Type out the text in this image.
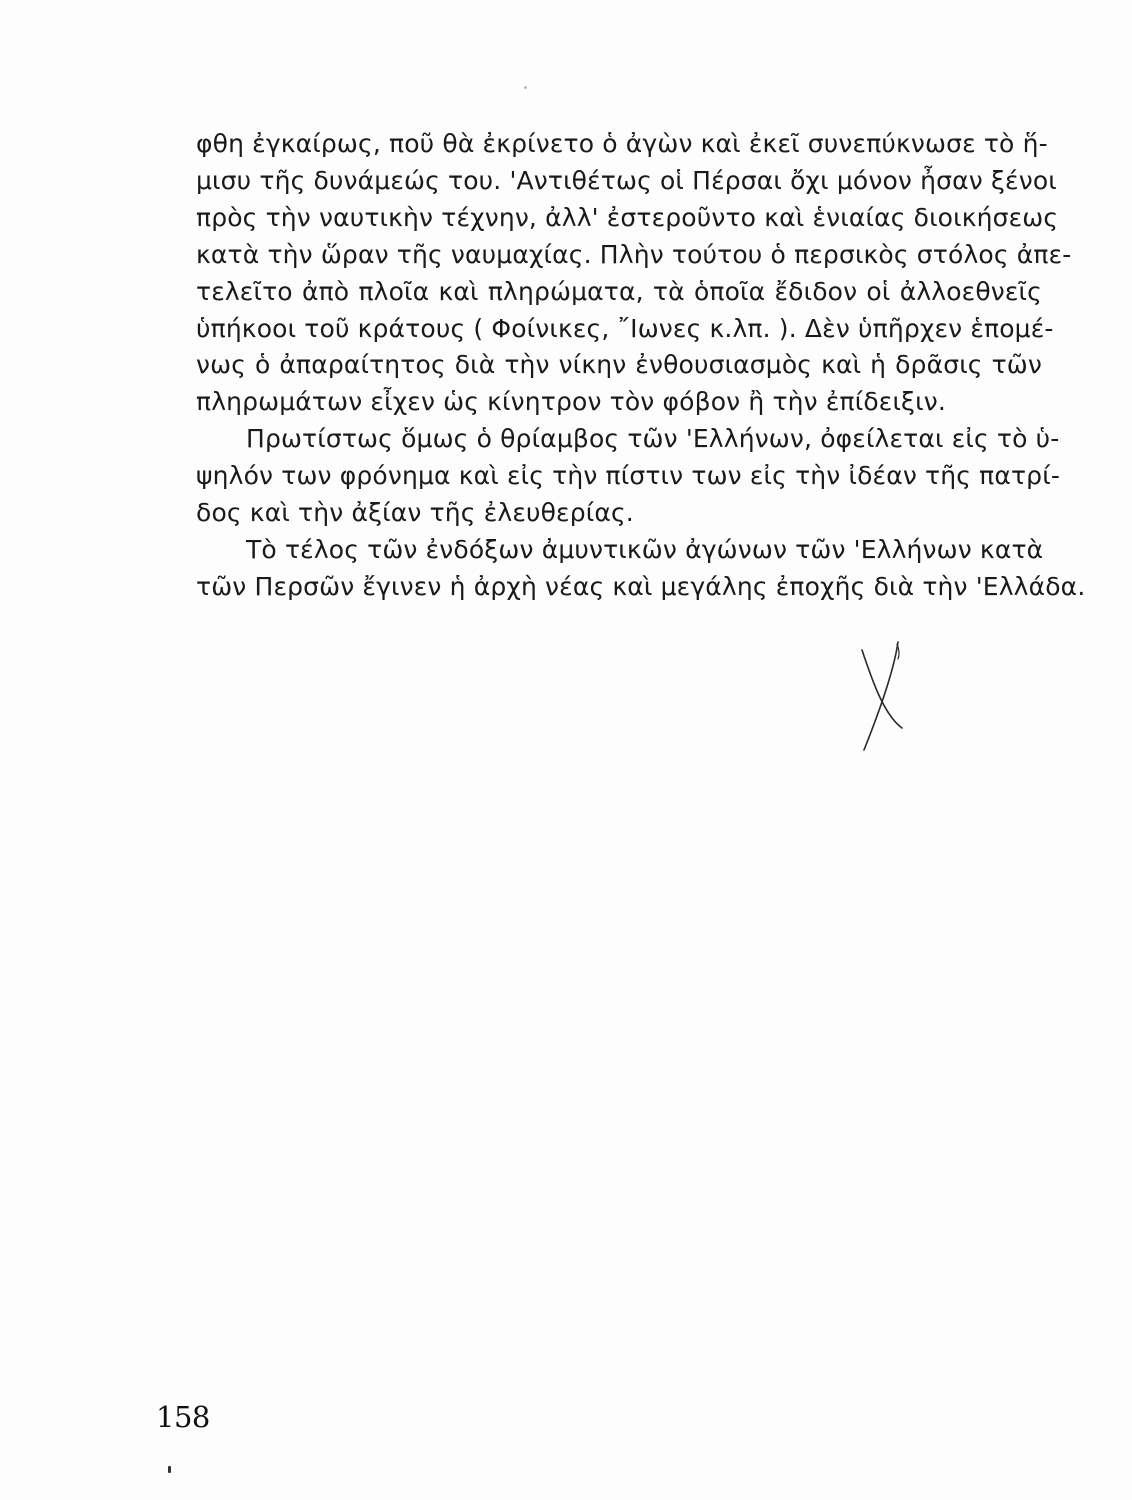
φθη ἐγκαίρως, ποῦ θὰ ἐκρίνετο ὁ ἀγὼν καὶ ἐκεῖ συνεπύκνωσε τὸ ἥ-
μισυ τῆς δυνάμεώς του. 'Αντιθέτως οἱ Πέρσαι ὄχι μόνον ἦσαν ξένοι
πρὸς τὴν ναυτικὴν τέχνην, ἀλλ' ἐστεροῦντο καὶ ἑνιαίας διοικήσεως
κατὰ τὴν ὥραν τῆς ναυμαχίας. Πλὴν τούτου ὁ περσικὸς στόλος ἀπε-
τελεῖτο ἀπὸ πλοῖα καὶ πληρώματα, τὰ ὁποῖα ἔδιδον οἱ ἀλλοεθνεῖς
ὑπήκοοι τοῦ κράτους ( Φοίνικες, ῎Ιωνες κ.λπ. ). Δὲν ὑπῆρχεν ἑπομέ-
νως ὁ ἀπαραίτητος διὰ τὴν νίκην ἐνθουσιασμὸς καὶ ἡ δρᾶσις τῶν
πληρωμάτων εἶχεν ὡς κίνητρον τὸν φόβον ἢ τὴν ἐπίδειξιν.
Πρωτίστως ὅμως ὁ θρίαμβος τῶν 'Ελλήνων, ὀφείλεται εἰς τὸ ὑ-
ψηλόν των φρόνημα καὶ εἰς τὴν πίστιν των εἰς τὴν ἰδέαν τῆς πατρί-
δος καὶ τὴν ἀξίαν τῆς ἐλευθερίας.
Τὸ τέλος τῶν ἐνδόξων ἀμυντικῶν ἀγώνων τῶν 'Ελλήνων κατὰ
τῶν Περσῶν ἔγινεν ἡ ἀρχὴ νέας καὶ μεγάλης ἐποχῆς διὰ τὴν 'Ελλάδα.
158
